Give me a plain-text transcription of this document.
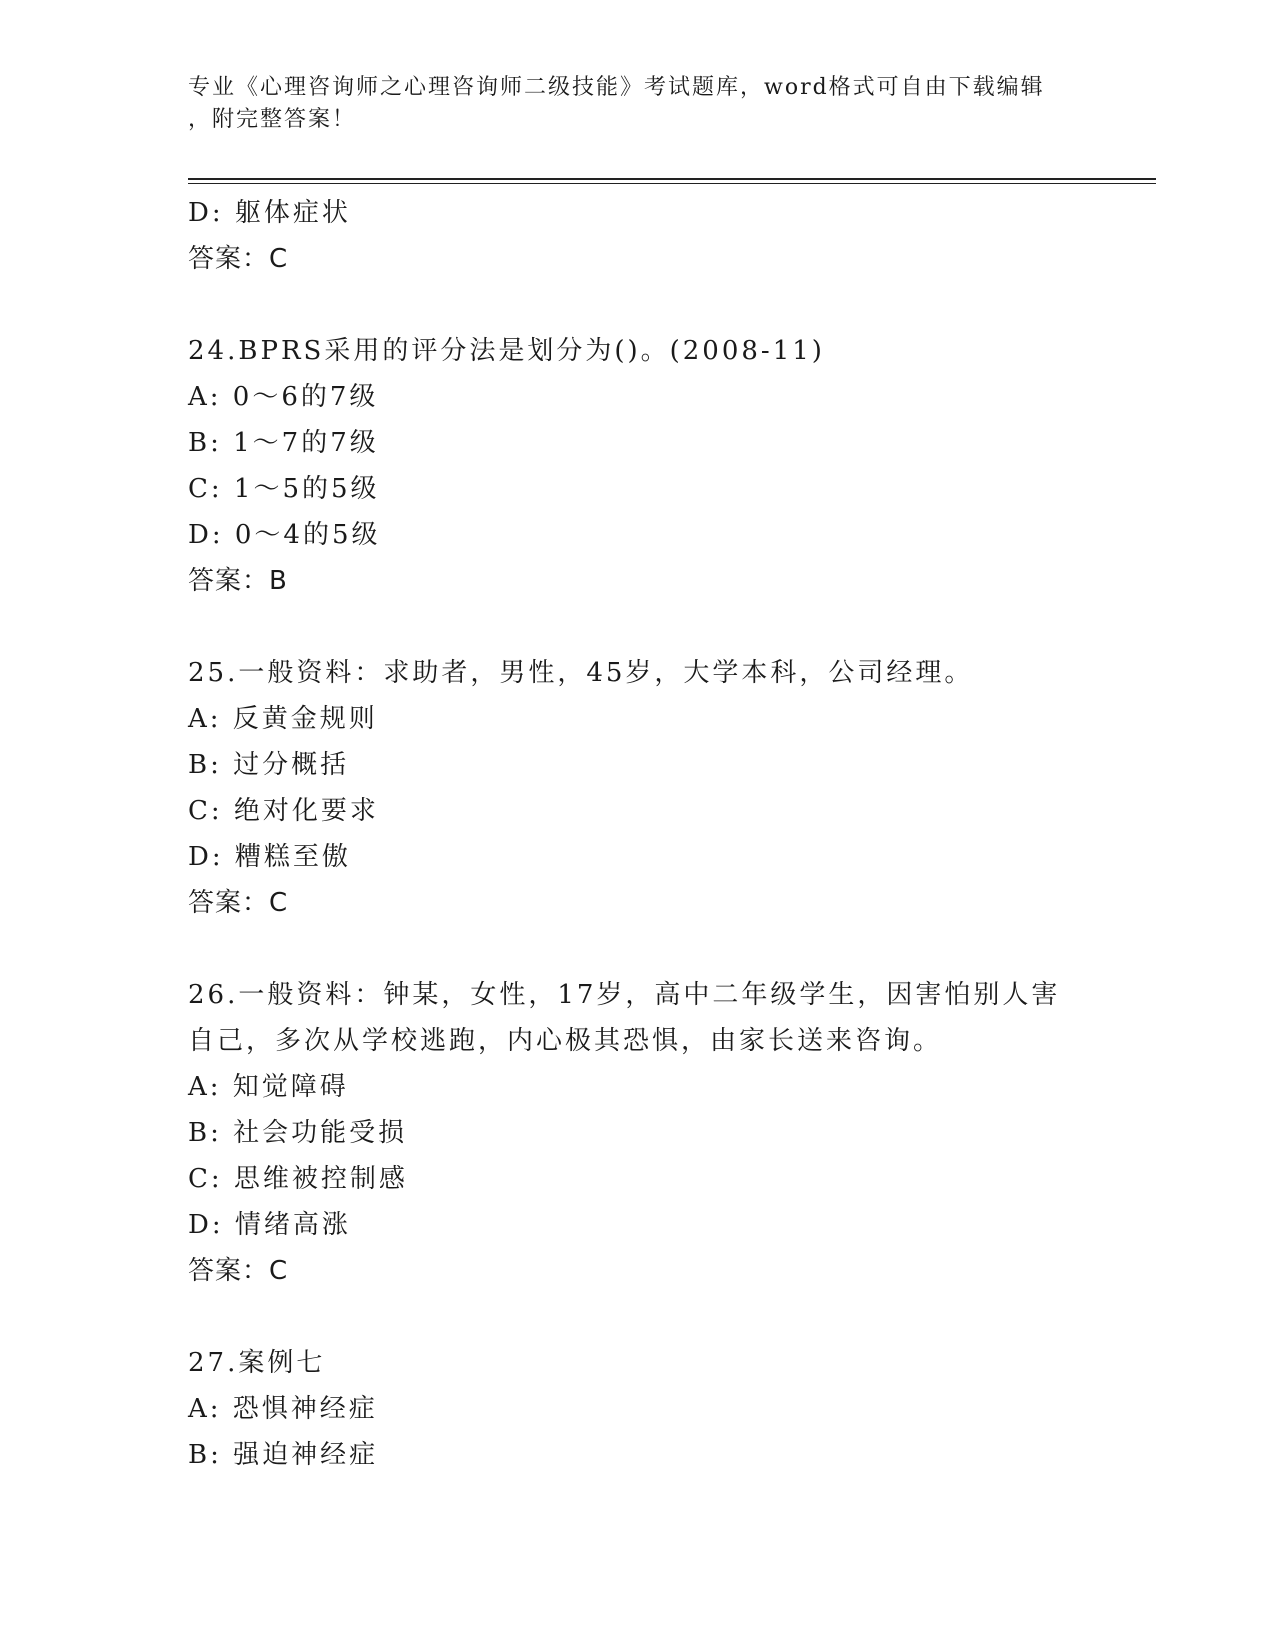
专业《心理咨询师之心理咨询师二级技能》考试题库，word格式可自由下载编辑
，附完整答案！
D: 躯体症状
答案：C
24.BPRS采用的评分法是划分为()。(2008-11)
A: 0～6的7级
B: 1～7的7级
C: 1～5的5级
D: 0～4的5级
答案：B
25.一般资料：求助者，男性，45岁，大学本科，公司经理。
A: 反黄金规则
B: 过分概括
C: 绝对化要求
D: 糟糕至傲
答案：C
26.一般资料：钟某，女性，17岁，高中二年级学生，因害怕别人害自己，多次从学校逃跑，内心极其恐惧，由家长送来咨询。
A: 知觉障碍
B: 社会功能受损
C: 思维被控制感
D: 情绪高涨
答案：C
27.案例七
A: 恐惧神经症
B: 强迫神经症
